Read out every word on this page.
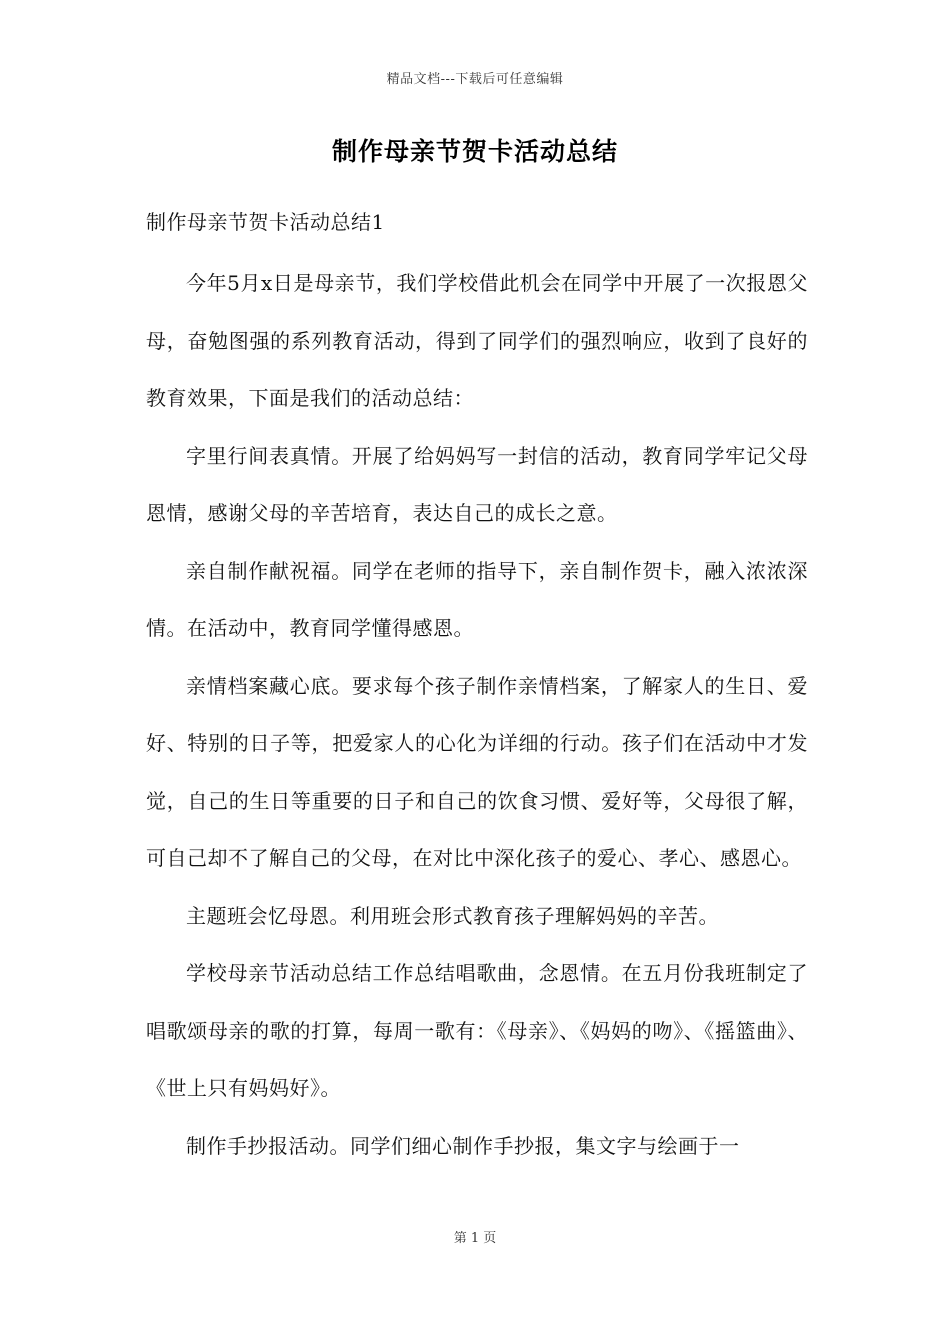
精品文档---下载后可任意编辑
制作母亲节贺卡活动总结
制作母亲节贺卡活动总结1

今年5月x日是母亲节，我们学校借此机会在同学中开展了一次报恩父母，奋勉图强的系列教育活动，得到了同学们的强烈响应，收到了良好的教育效果，下面是我们的活动总结：

字里行间表真情。开展了给妈妈写一封信的活动，教育同学牢记父母恩情，感谢父母的辛苦培育，表达自己的成长之意。

亲自制作献祝福。同学在老师的指导下，亲自制作贺卡，融入浓浓深情。在活动中，教育同学懂得感恩。

亲情档案藏心底。要求每个孩子制作亲情档案，了解家人的生日、爱好、特别的日子等，把爱家人的心化为详细的行动。孩子们在活动中才发觉，自己的生日等重要的日子和自己的饮食习惯、爱好等，父母很了解，可自己却不了解自己的父母，在对比中深化孩子的爱心、孝心、感恩心。

主题班会忆母恩。利用班会形式教育孩子理解妈妈的辛苦。

学校母亲节活动总结工作总结唱歌曲，念恩情。在五月份我班制定了唱歌颂母亲的歌的打算，每周一歌有：《母亲》、《妈妈的吻》、《摇篮曲》、《世上只有妈妈好》。

制作手抄报活动。同学们细心制作手抄报，集文字与绘画于一

第 1 页
